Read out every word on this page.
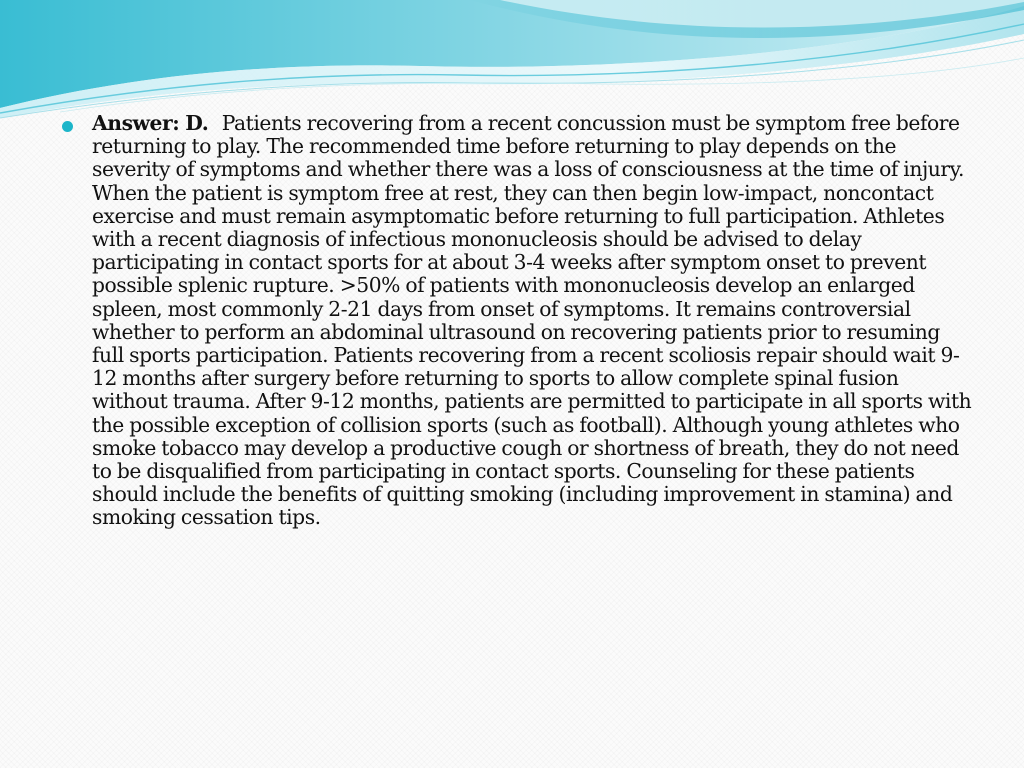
Answer: D. Patients recovering from a recent concussion must be symptom free before returning to play. The recommended time before returning to play depends on the severity of symptoms and whether there was a loss of consciousness at the time of injury. When the patient is symptom free at rest, they can then begin low-impact, noncontact exercise and must remain asymptomatic before returning to full participation. Athletes with a recent diagnosis of infectious mononucleosis should be advised to delay participating in contact sports for at about 3-4 weeks after symptom onset to prevent possible splenic rupture. >50% of patients with mononucleosis develop an enlarged spleen, most commonly 2-21 days from onset of symptoms. It remains controversial whether to perform an abdominal ultrasound on recovering patients prior to resuming full sports participation. Patients recovering from a recent scoliosis repair should wait 9-12 months after surgery before returning to sports to allow complete spinal fusion without trauma. After 9-12 months, patients are permitted to participate in all sports with the possible exception of collision sports (such as football). Although young athletes who smoke tobacco may develop a productive cough or shortness of breath, they do not need to be disqualified from participating in contact sports. Counseling for these patients should include the benefits of quitting smoking (including improvement in stamina) and smoking cessation tips.
